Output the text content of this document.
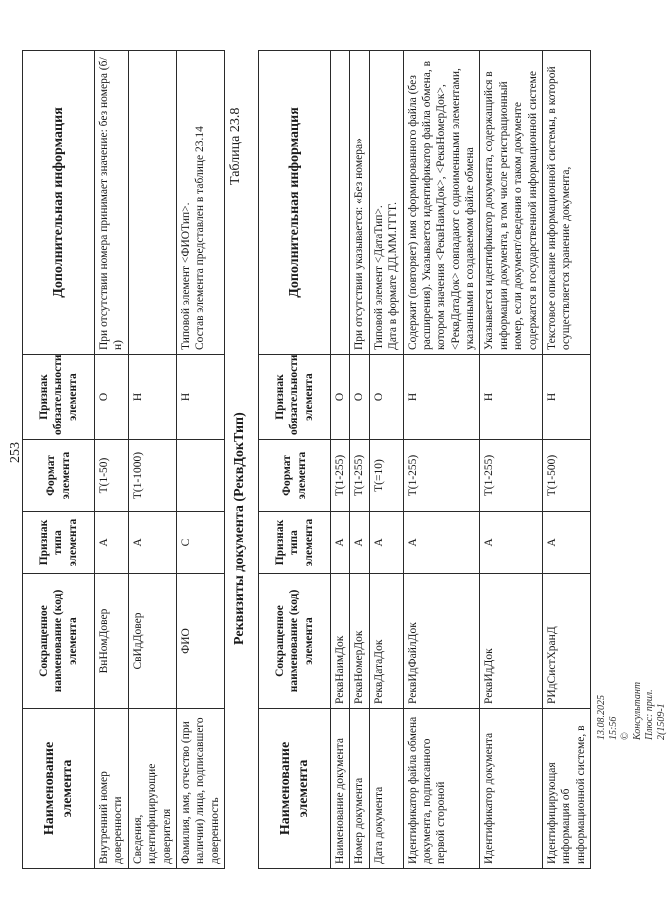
253
Наименование элемента	Сокращенное наименование (код) элемента	Признак типа элемента	Формат элемента	Признак обязательности элемента	Дополнительная информация
Внутренний номер доверенности	ВнНомДовер	А	Т(1-50)	О	При отсутствии номера принимает значение: без номера (б/н)
Сведения, идентифицирующие доверителя	СвИдДовер	А	Т(1-1000)	Н	
Фамилия, имя, отчество (при наличии) лица, подписавшего доверенность	ФИО	С		Н	Типовой элемент <ФИОТип>.
Состав элемента представлен в таблице 23.14
Реквизиты документа (РеквДокТип)
Таблица 23.8
Наименование элемента	Сокращенное наименование (код) элемента	Признак типа элемента	Формат элемента	Признак обязательности элемента	Дополнительная информация
Наименование документа	РеквНаимДок	А	Т(1-255)	О	
Номер документа	РеквНомерДок	А	Т(1-255)	О	При отсутствии указывается: «Без номера»
Дата документа	РеквДатаДок	А	Т(=10)	О	Типовой элемент <ДатаТип>.
Дата в формате ДД.ММ.ГГГГ.
Идентификатор файла обмена документа, подписанного первой стороной	РеквИдФайлДок	А	Т(1-255)	Н	Содержит (повторяет) имя сформированного файла (без расширения). Указывается идентификатор файла обмена, в котором значения <РеквНаимДок>, <РеквНомерДок>, <РеквДатаДок> совпадают с одноименными элементами, указанными в создаваемом файле обмена
Идентификатор документа	РеквИдДок	А	Т(1-255)	Н	Указывается идентификатор документа, содержащийся в информации документа, в том числе регистрационный номер, если документ/сведения о таком документе содержатся в государственной информационной системе
Идентифицирующая информация об информационной системе, в	РИдСистХранД	А	Т(1-500)	Н	Текстовое описание информационной системы, в которой осуществляется хранение документа,
13.08.2025 15:56 © Консультант Плюс: прил. 2(1509-1
